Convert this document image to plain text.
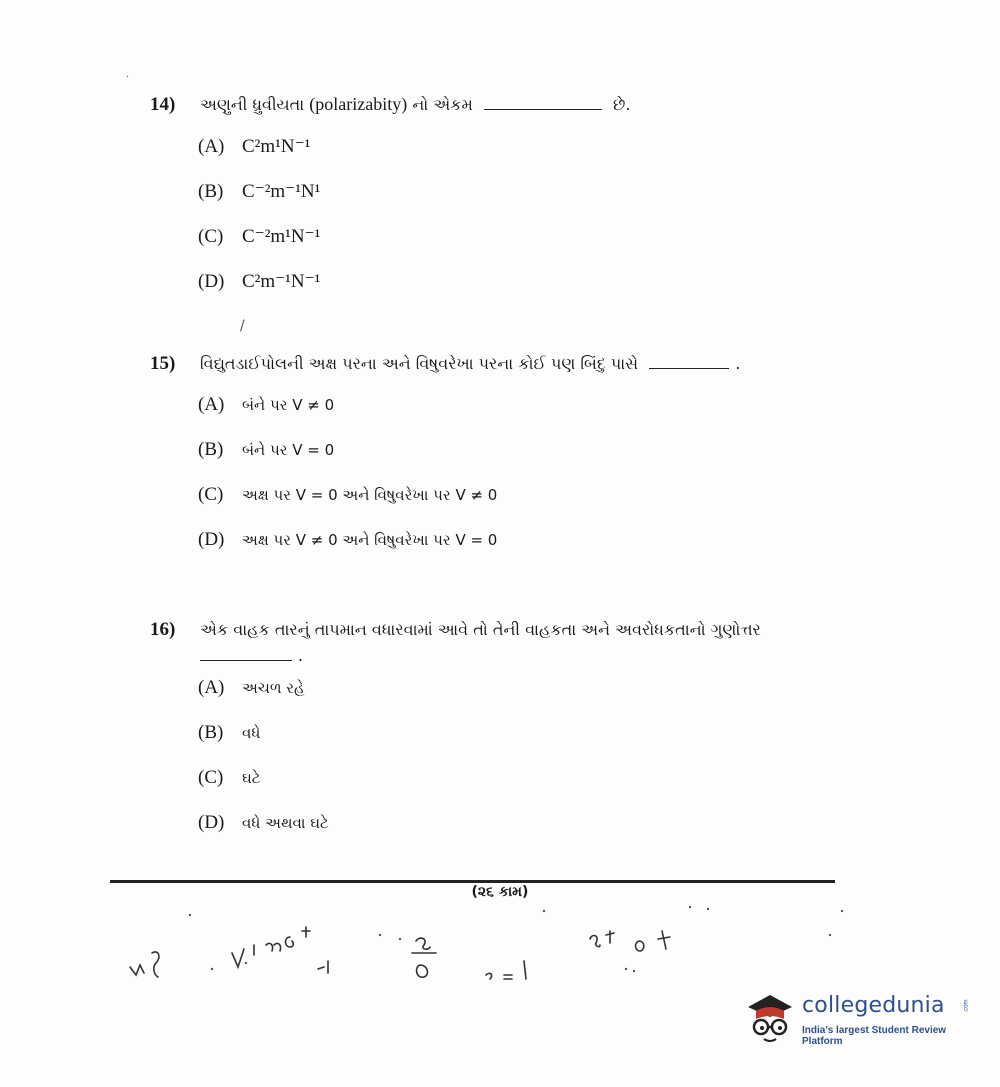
14)	અણુની ધ્રુવીયતા (polarizabity) નો એકમ	છે.
(A) C²m¹N⁻¹
(B) C⁻²m⁻¹N¹
(C) C⁻²m¹N⁻¹
(D) C²m⁻¹N⁻¹
15)	વિદ્યુતડાઈપોલની અક્ષ પરના અને વિષુવરેખા પરના કોઈ પણ બિંદુ પાસે	.
(A)	બંને પર V ≠ 0
(B)	બંને પર V = 0
(C)	અક્ષ પર V = 0 અને વિષુવરેખા પર V ≠ 0
(D)	અક્ષ પર V ≠ 0 અને વિષુવરેખા પર V = 0
16)	એક વાહક તારનું તાપમાન વધારવામાં આવે તો તેની વાહકતા અને અવરોધકતાનો ગુણોત્તર
.
(A)	અચળ રહે
(B)	વધે
(C)	ઘટે
(D)	વધે અથવા ઘટે
·
/
(૨૬ કામ)
collegedunia	.com
India's largest Student Review Platform
